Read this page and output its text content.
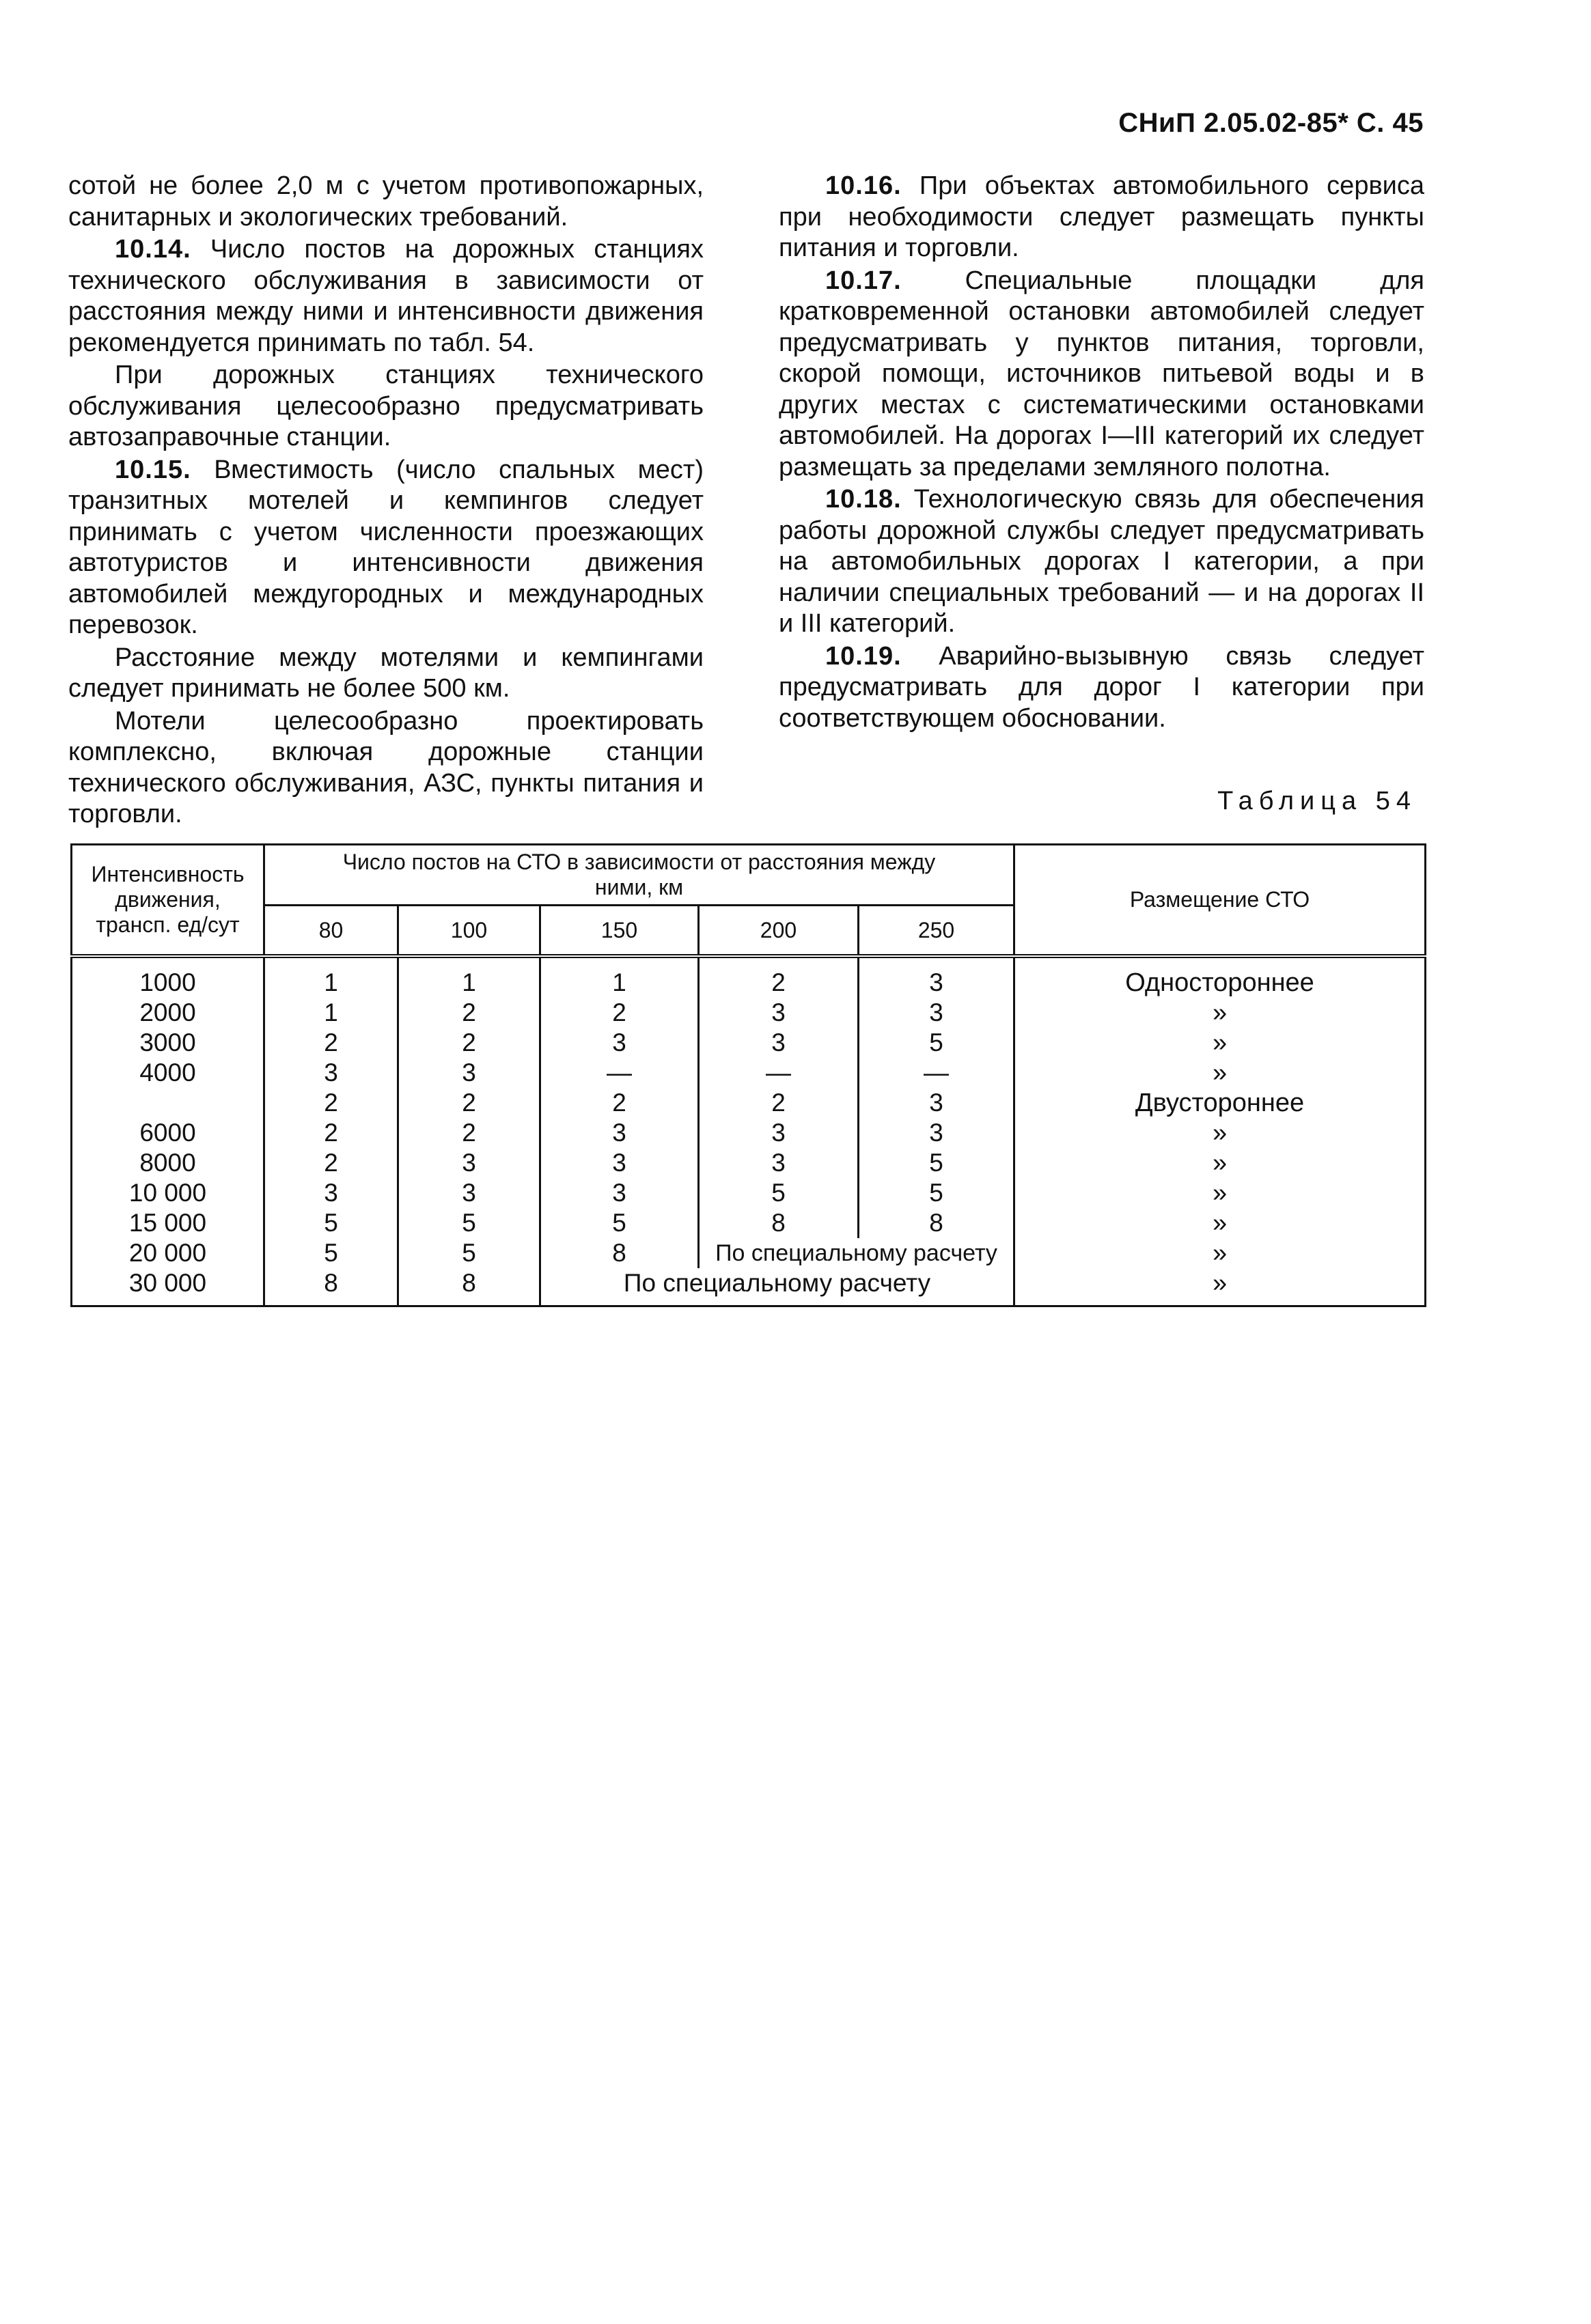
СНиП 2.05.02-85* С. 45

сотой не более 2,0 м с учетом противопожарных, санитарных и экологических требований.

10.14. Число постов на дорожных станциях технического обслуживания в зависимости от расстояния между ними и интенсивности движения рекомендуется принимать по табл. 54.

При дорожных станциях технического обслуживания целесообразно предусматривать автозаправочные станции.

10.15. Вместимость (число спальных мест) транзитных мотелей и кемпингов следует принимать с учетом численности проезжающих автотуристов и интенсивности движения автомобилей междугородных и международных перевозок.

Расстояние между мотелями и кемпингами следует принимать не более 500 км.

Мотели целесообразно проектировать комплексно, включая дорожные станции технического обслуживания, АЗС, пункты питания и торговли.

10.16. При объектах автомобильного сервиса при необходимости следует размещать пункты питания и торговли.

10.17. Специальные площадки для кратковременной остановки автомобилей следует предусматривать у пунктов питания, торговли, скорой помощи, источников питьевой воды и в других местах с систематическими остановками автомобилей. На дорогах I—III категорий их следует размещать за пределами земляного полотна.

10.18. Технологическую связь для обеспечения работы дорожной службы следует предусматривать на автомобильных дорогах I категории, а при наличии специальных требований — и на дорогах II и III категорий.

10.19. Аварийно-вызывную связь следует предусматривать для дорог I категории при соответствующем обосновании.

Таблица 54
Интенсивность движения, трансп. ед/сут	Число постов на СТО в зависимости от расстояния между ними, км					Размещение СТО
	80	100	150	200	250	
1000	1	1	1	2	3	Одностороннее
2000	1	2	2	3	3	»
3000	2	2	3	3	5	»
4000	3	3	—	—	—	»
	2	2	2	2	3	Двустороннее
6000	2	2	3	3	3	»
8000	2	3	3	3	5	»
10 000	3	3	3	5	5	»
15 000	5	5	5	8	8	»
20 000	5	5	8	По специальному расчету		»
30 000	8	8	По специальному расчету			»
